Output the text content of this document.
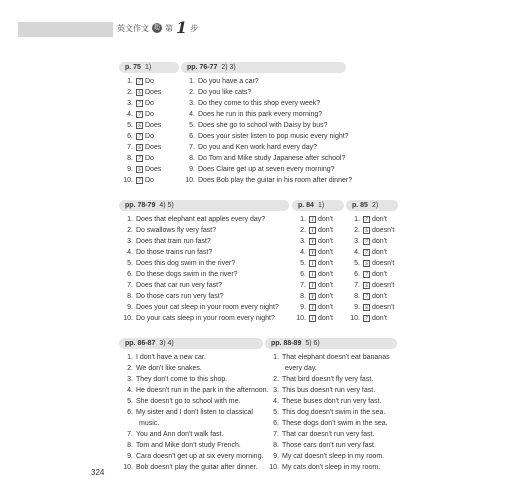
英文作文 超 第 1 步
p. 75 1)
1. 7 Do
2. S Does
3. 7 Do
4. 7 Do
5. S Does
6. 7 Do
7. S Does
8. 7 Do
9. S Does
10. 7 Do
pp. 76-77 2) 3)
1. Do you have a car?
2. Do you like cats?
3. Do they come to this shop every week?
4. Does he run in this park every morning?
5. Does she go to school with Daisy by bus?
6. Does your sister listen to pop music every night?
7. Do you and Ken work hard every day?
8. Do Tom and Mike study Japanese after school?
9. Does Claire get up at seven every morning?
10. Does Bob play the guitar in his room after dinner?
pp. 78-79 4) 5)
1. Does that elephant eat apples every day?
2. Do swallows fly very fast?
3. Does that train run fast?
4. Do those trains run fast?
5. Does this dog swim in the river?
6. Do these dogs swim in the river?
7. Does that car run very fast?
8. Do those cars run very fast?
9. Does your cat sleep in your room every night?
10. Do your cats sleep in your room every night?
p. 84 1)
1. I don't
2. I don't
3. Y don't
4. Y don't
5. I don't
6. I don't
7. I don't
8. Y don't
9. I don't
10. I don't
p. 85 2)
1. 7 don't
2. S doesn't
3. 7 don't
4. 7 don't
5. S doesn't
6. 7 don't
7. S doesn't
8. 7 don't
9. S doesn't
10. 7 don't
pp. 86-87 3) 4)
1. I don't have a new car.
2. We don't like snakes.
3. They don't come to this shop.
4. He doesn't run in the park in the afternoon.
5. She doesn't go to school with me.
6. My sister and I don't listen to classical
music.
7. You and Ann don't walk fast.
8. Tom and Mike don't study French.
9. Cara doesn't get up at six every morning.
10. Bob doesn't play the guitar after dinner.
pp. 88-89 5) 6)
1. That elephant doesn't eat bananas
every day.
2. That bird doesn't fly very fast.
3. This bus doesn't run very fast.
4. These buses don't run very fast.
5. This dog doesn't swim in the sea.
6. These dogs don't swim in the sea.
7. That car doesn't run very fast.
8. Those cars don't run very fast.
9. My cat doesn't sleep in my room.
10. My cats don't sleep in my room.
324
